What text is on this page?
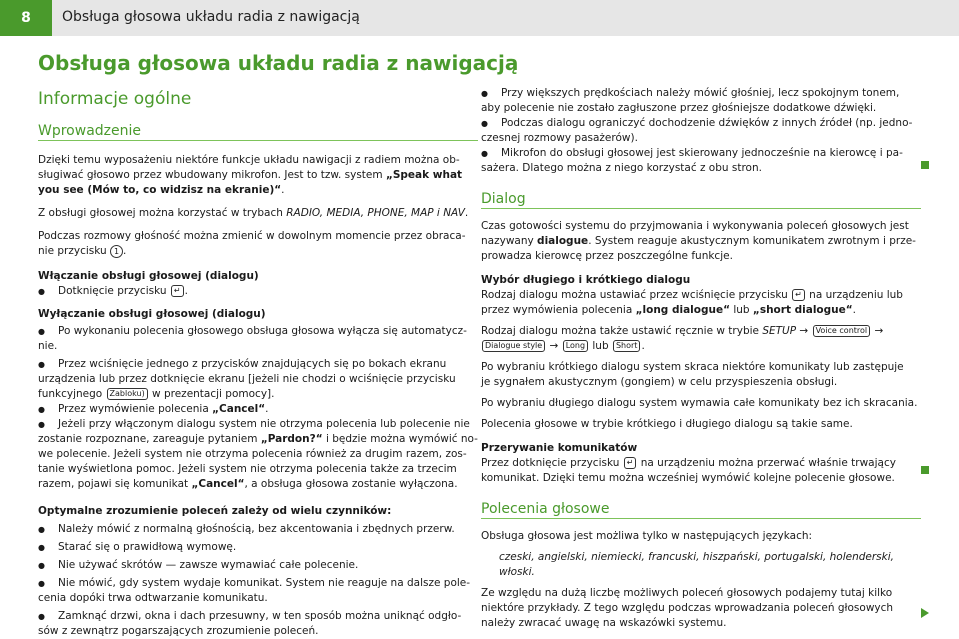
8	Obsługa głosowa układu radia z nawigacją
Obsługa głosowa układu radia z nawigacją
Informacje ogólne
Wprowadzenie

Dzięki temu wyposażeniu niektóre funkcje układu nawigacji z radiem można ob-
sługiwać głosowo przez wbudowany mikrofon. Jest to tzw. system „Speak what
you see (Mów to, co widzisz na ekranie)“.

Z obsługi głosowej można korzystać w trybach RADIO, MEDIA, PHONE, MAP i NAV.

Podczas rozmowy głośność można zmienić w dowolnym momencie przez obraca-
nie przycisku 1 .

Włączanie obsługi głosowej (dialogu)

● Dotknięcie przycisku ↵ .

Wyłączanie obsługi głosowej (dialogu)

● Po wykonaniu polecenia głosowego obsługa głosowa wyłącza się automatycz-

nie.

● Przez wciśnięcie jednego z przycisków znajdujących się po bokach ekranu

urządzenia lub przez dotknięcie ekranu [jeżeli nie chodzi o wciśnięcie przycisku
funkcyjnego Zabloku) w prezentacji pomocy].

● Przez wymówienie polecenia „Cancel“.

● Jeżeli przy włączonym dialogu system nie otrzyma polecenia lub polecenie nie

zostanie rozpoznane, zareaguje pytaniem „Pardon?“ i będzie można wymówić no-
we polecenie. Jeżeli system nie otrzyma polecenia również za drugim razem, zos-
tanie wyświetlona pomoc. Jeżeli system nie otrzyma polecenia także za trzecim
razem, pojawi się komunikat „Cancel“, a obsługa głosowa zostanie wyłączona.

Optymalne zrozumienie poleceń zależy od wielu czynników:

● Należy mówić z normalną głośnością, bez akcentowania i zbędnych przerw.

● Starać się o prawidłową wymowę.

● Nie używać skrótów — zawsze wymawiać całe polecenie.

● Nie mówić, gdy system wydaje komunikat. System nie reaguje na dalsze pole-

cenia dopóki trwa odtwarzanie komunikatu.

● Zamknąć drzwi, okna i dach przesuwny, w ten sposób można uniknąć odgło-

sów z zewnątrz pogarszających zrozumienie poleceń.

● Przy większych prędkościach należy mówić głośniej, lecz spokojnym tonem,

aby polecenie nie zostało zagłuszone przez głośniejsze dodatkowe dźwięki.

● Podczas dialogu ograniczyć dochodzenie dźwięków z innych źródeł (np. jedno-

czesnej rozmowy pasażerów).

● Mikrofon do obsługi głosowej jest skierowany jednocześnie na kierowcę i pa-

sażera. Dlatego można z niego korzystać z obu stron.

Dialog

Czas gotowości systemu do przyjmowania i wykonywania poleceń głosowych jest
nazywany dialogue. System reaguje akustycznym komunikatem zwrotnym i prze-
prowadza kierowcę przez poszczególne funkcje.

Wybór długiego i krótkiego dialogu

Rodzaj dialogu można ustawiać przez wciśnięcie przycisku ↵ na urządzeniu lub
przez wymówienia polecenia „long dialogue“ lub „short dialogue“.

Rodzaj dialogu można także ustawić ręcznie w trybie SETUP → Voice control →
Dialogue style → Long lub Short .

Po wybraniu krótkiego dialogu system skraca niektóre komunikaty lub zastępuje
je sygnałem akustycznym (gongiem) w celu przyspieszenia obsługi.

Po wybraniu długiego dialogu system wymawia całe komunikaty bez ich skracania.

Polecenia głosowe w trybie krótkiego i długiego dialogu są takie same.

Przerywanie komunikatów

Przez dotknięcie przycisku ↵ na urządzeniu można przerwać właśnie trwający
komunikat. Dzięki temu można wcześniej wymówić kolejne polecenie głosowe.

Polecenia głosowe

Obsługa głosowa jest możliwa tylko w następujących językach:

czeski, angielski, niemiecki, francuski, hiszpański, portugalski, holenderski,
włoski.

Ze względu na dużą liczbę możliwych poleceń głosowych podajemy tutaj kilko
niektóre przykłady. Z tego względu podczas wprowadzania poleceń głosowych
należy zwracać uwagę na wskazówki systemu.
